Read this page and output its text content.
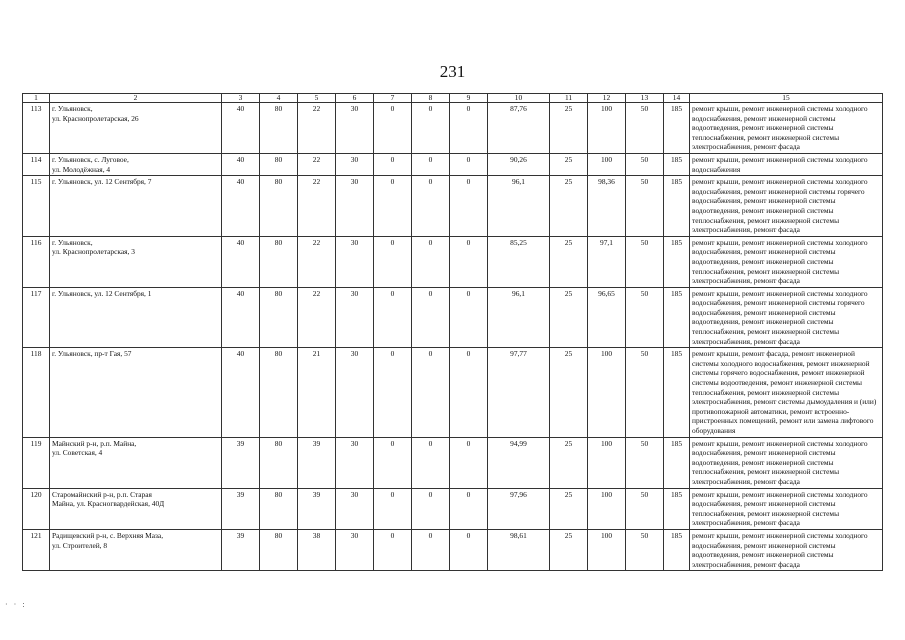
231
1	2	3	4	5	6	7	8	9	10	11	12	13	14	15
113	г. Ульяновск,
ул. Краснопролетарская, 26	40	80	22	30	0	0	0	87,76	25	100	50	185	ремонт крыши, ремонт инженерной системы холодного водоснабжения, ремонт инженерной системы водоотведения, ремонт инженерной системы теплоснабжения, ремонт инженерной системы электроснабжения, ремонт фасада
114	г. Ульяновск, с. Луговое,
ул. Молодёжная, 4	40	80	22	30	0	0	0	90,26	25	100	50	185	ремонт крыши, ремонт инженерной системы холодного водоснабжения
115	г. Ульяновск, ул. 12 Сентября, 7	40	80	22	30	0	0	0	96,1	25	98,36	50	185	ремонт крыши, ремонт инженерной системы холодного водоснабжения, ремонт инженерной системы горячего водоснабжения, ремонт инженерной системы водоотведения, ремонт инженерной системы теплоснабжения, ремонт инженерной системы электроснабжения, ремонт фасада
116	г. Ульяновск,
ул. Краснопролетарская, 3	40	80	22	30	0	0	0	85,25	25	97,1	50	185	ремонт крыши, ремонт инженерной системы холодного водоснабжения, ремонт инженерной системы водоотведения, ремонт инженерной системы теплоснабжения, ремонт инженерной системы электроснабжения, ремонт фасада
117	г. Ульяновск, ул. 12 Сентября, 1	40	80	22	30	0	0	0	96,1	25	96,65	50	185	ремонт крыши, ремонт инженерной системы холодного водоснабжения, ремонт инженерной системы горячего водоснабжения, ремонт инженерной системы водоотведения, ремонт инженерной системы теплоснабжения, ремонт инженерной системы электроснабжения, ремонт фасада
118	г. Ульяновск, пр-т Гая, 57	40	80	21	30	0	0	0	97,77	25	100	50	185	ремонт крыши, ремонт фасада, ремонт инженерной системы холодного водоснабжения, ремонт инженерной системы горячего водоснабжения, ремонт инженерной системы водоотведения, ремонт инженерной системы теплоснабжения, ремонт инженерной системы электроснабжения, ремонт системы дымоудаления и (или) противопожарной автоматики, ремонт встроенно-пристроенных помещений, ремонт или замена лифтового оборудования
119	Майнский р-н, р.п. Майна,
ул. Советская, 4	39	80	39	30	0	0	0	94,99	25	100	50	185	ремонт крыши, ремонт инженерной системы холодного водоснабжения, ремонт инженерной системы водоотведения, ремонт инженерной системы теплоснабжения, ремонт инженерной системы электроснабжения, ремонт фасада
120	Старомайнский р-н, р.п. Старая
Майна, ул. Красногвардейская, 40Д	39	80	39	30	0	0	0	97,96	25	100	50	185	ремонт крыши, ремонт инженерной системы холодного водоснабжения, ремонт инженерной системы теплоснабжения, ремонт инженерной системы электроснабжения, ремонт фасада
121	Радищевский р-н, с. Верхняя Маза,
ул. Строителей, 8	39	80	38	30	0	0	0	98,61	25	100	50	185	ремонт крыши, ремонт инженерной системы холодного водоснабжения, ремонт инженерной системы водоотведения, ремонт инженерной системы электроснабжения, ремонт фасада
· · :
